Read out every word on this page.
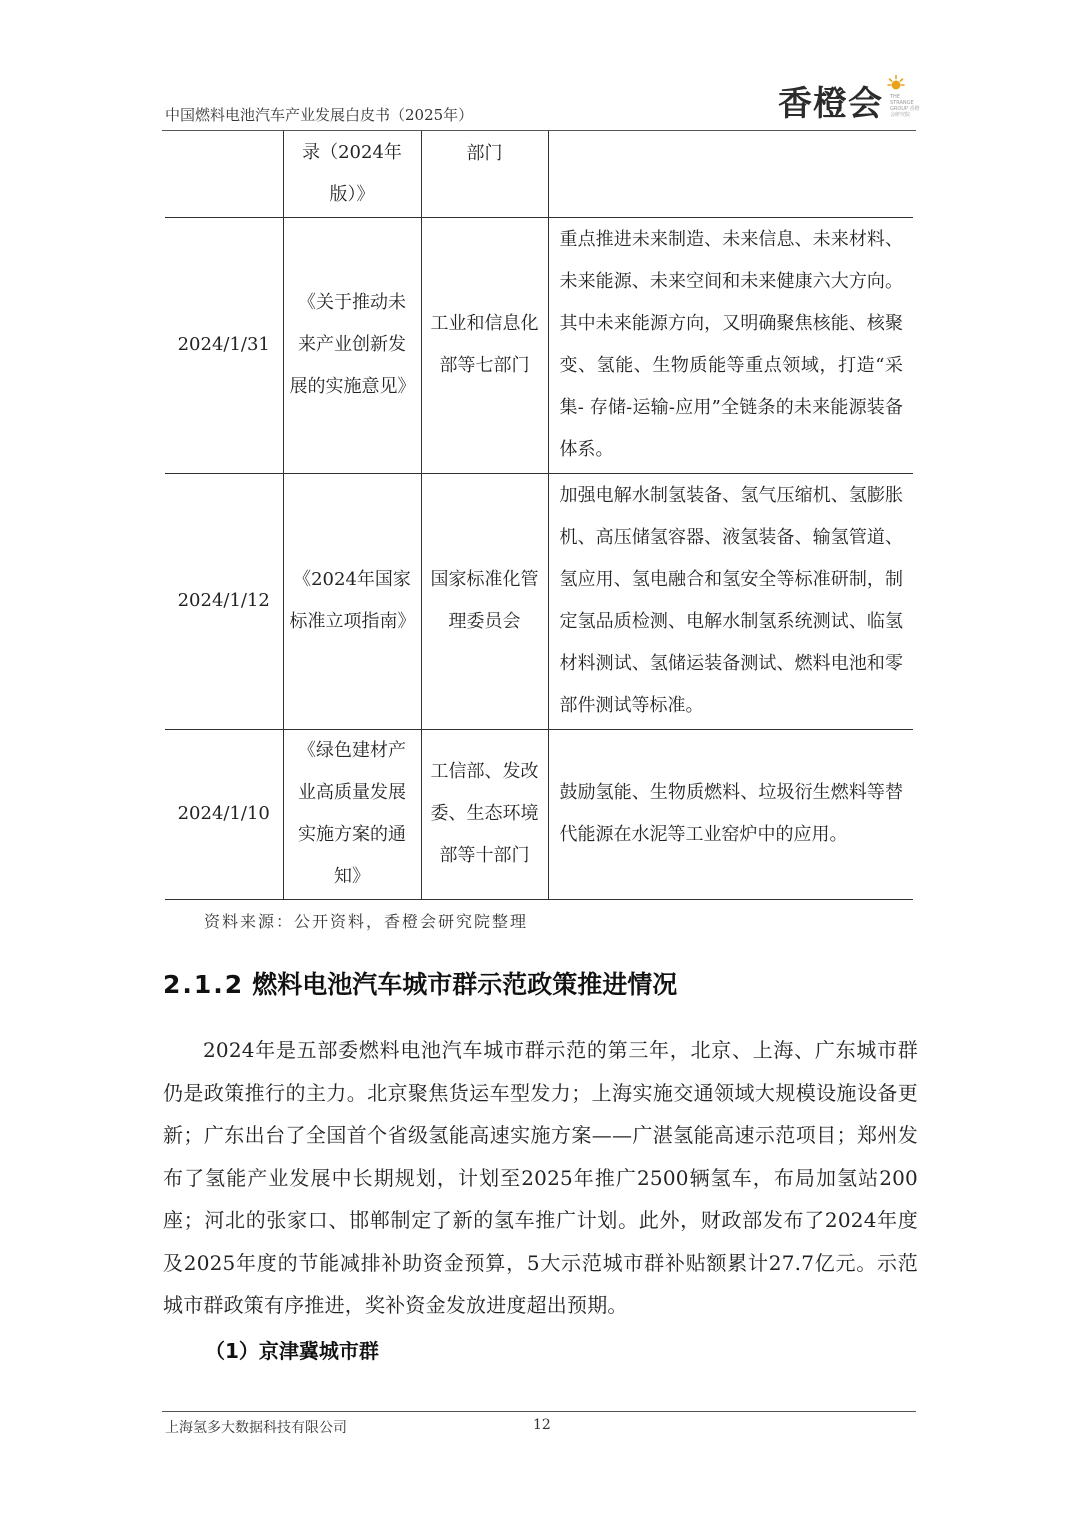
中国燃料电池汽车产业发展白皮书（2025年）	香橙会 THE STRANGE GROUP 香橙会研究院
	录（2024年版）》	部门	
2024/1/31	《关于推动未来产业创新发展的实施意见》	工业和信息化部等七部门	重点推进未来制造、未来信息、未来材料、未来能源、未来空间和未来健康六大方向。其中未来能源方向，又明确聚焦核能、核聚变、氢能、生物质能等重点领域，打造“采集- 存储-运输-应用”全链条的未来能源装备体系。
2024/1/12	《2024年国家标准立项指南》	国家标准化管理委员会	加强电解水制氢装备、氢气压缩机、氢膨胀机、高压储氢容器、液氢装备、输氢管道、氢应用、氢电融合和氢安全等标准研制，制定氢品质检测、电解水制氢系统测试、临氢材料测试、氢储运装备测试、燃料电池和零部件测试等标准。
2024/1/10	《绿色建材产业高质量发展实施方案的通知》	工信部、发改委、生态环境部等十部门	鼓励氢能、生物质燃料、垃圾衍生燃料等替代能源在水泥等工业窑炉中的应用。
资料来源：公开资料，香橙会研究院整理
2.1.2 燃料电池汽车城市群示范政策推进情况
2024年是五部委燃料电池汽车城市群示范的第三年，北京、上海、广东城市群仍是政策推行的主力。北京聚焦货运车型发力；上海实施交通领域大规模设施设备更新；广东出台了全国首个省级氢能高速实施方案——广湛氢能高速示范项目；郑州发布了氢能产业发展中长期规划，计划至2025年推广2500辆氢车，布局加氢站200座；河北的张家口、邯郸制定了新的氢车推广计划。此外，财政部发布了2024年度及2025年度的节能减排补助资金预算，5大示范城市群补贴额累计27.7亿元。示范城市群政策有序推进，奖补资金发放进度超出预期。
（1）京津冀城市群
上海氢多大数据科技有限公司	12
